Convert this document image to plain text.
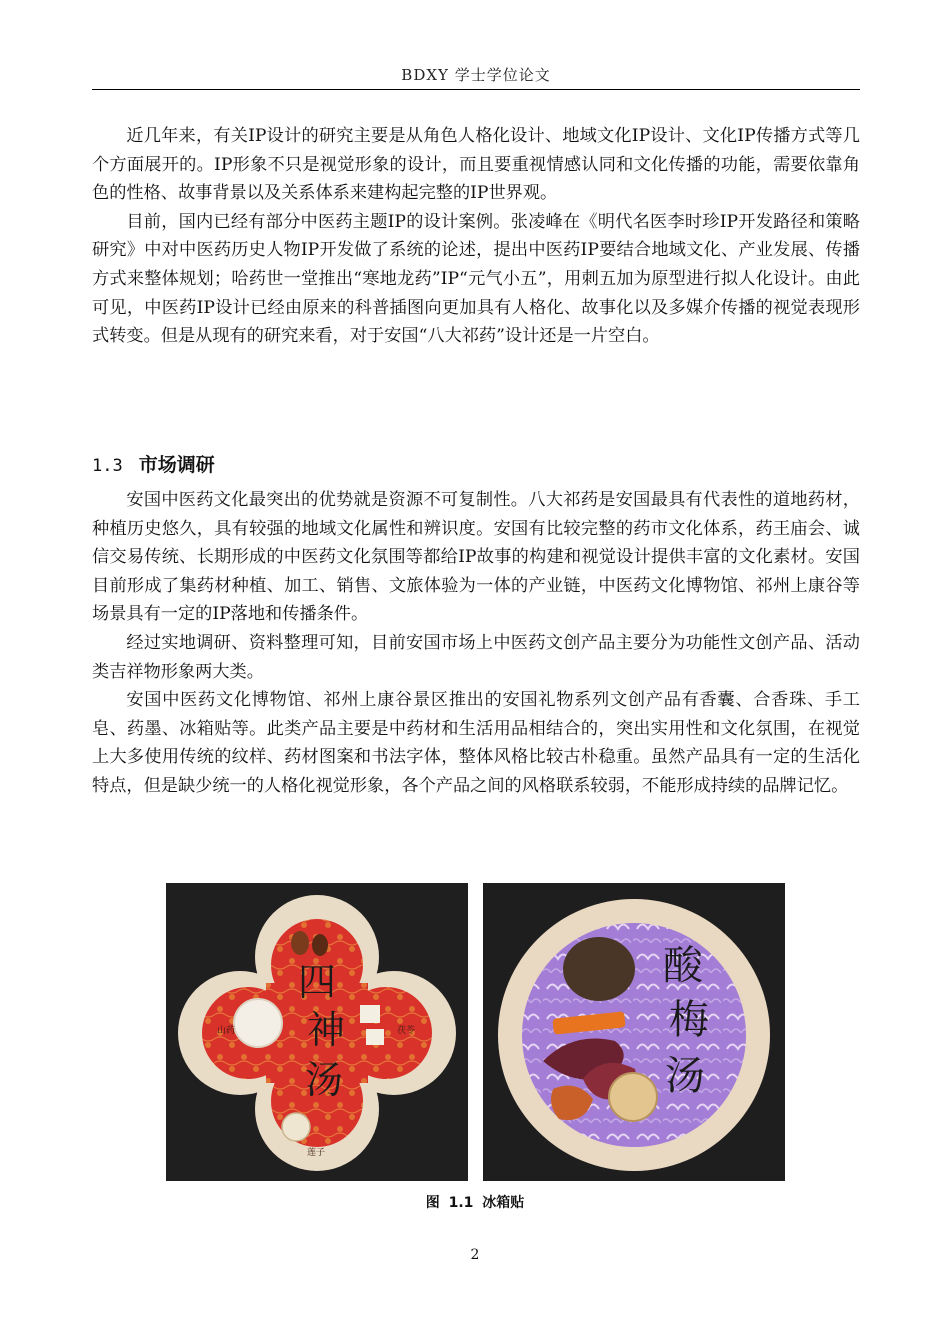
BDXY 学士学位论文

近几年来，有关IP设计的研究主要是从角色人格化设计、地域文化IP设计、文化IP传播方式等几个方面展开的。IP形象不只是视觉形象的设计，而且要重视情感认同和文化传播的功能，需要依靠角色的性格、故事背景以及关系体系来建构起完整的IP世界观。

目前，国内已经有部分中医药主题IP的设计案例。张凌峰在《明代名医李时珍IP开发路径和策略研究》中对中医药历史人物IP开发做了系统的论述，提出中医药IP要结合地域文化、产业发展、传播方式来整体规划；哈药世一堂推出“寒地龙药”IP“元气小五”，用刺五加为原型进行拟人化设计。由此可见，中医药IP设计已经由原来的科普插图向更加具有人格化、故事化以及多媒介传播的视觉表现形式转变。但是从现有的研究来看，对于安国“八大祁药”设计还是一片空白。

1.3 市场调研

安国中医药文化最突出的优势就是资源不可复制性。八大祁药是安国最具有代表性的道地药材，种植历史悠久，具有较强的地域文化属性和辨识度。安国有比较完整的药市文化体系，药王庙会、诚信交易传统、长期形成的中医药文化氛围等都给IP故事的构建和视觉设计提供丰富的文化素材。安国目前形成了集药材种植、加工、销售、文旅体验为一体的产业链，中医药文化博物馆、祁州上康谷等场景具有一定的IP落地和传播条件。

经过实地调研、资料整理可知，目前安国市场上中医药文创产品主要分为功能性文创产品、活动类吉祥物形象两大类。

安国中医药文化博物馆、祁州上康谷景区推出的安国礼物系列文创产品有香囊、合香珠、手工皂、药墨、冰箱贴等。此类产品主要是中药材和生活用品相结合的，突出实用性和文化氛围，在视觉上大多使用传统的纹样、药材图案和书法字体，整体风格比较古朴稳重。虽然产品具有一定的生活化特点，但是缺少统一的人格化视觉形象，各个产品之间的风格联系较弱，不能形成持续的品牌记忆。

四
神
汤
山药	茯苓
莲子
酸
梅
汤
图 1.1 冰箱贴
2
